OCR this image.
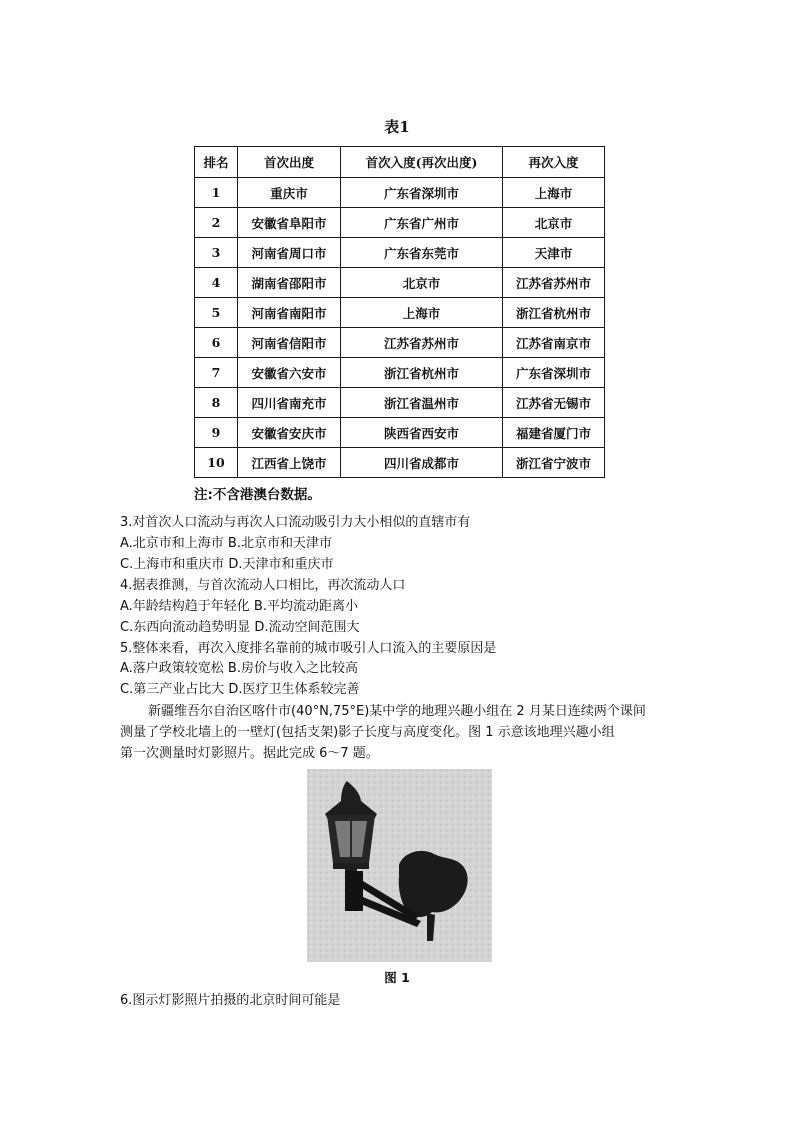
表1
排名	首次出度	首次入度(再次出度)	再次入度
1	重庆市	广东省深圳市	上海市
2	安徽省阜阳市	广东省广州市	北京市
3	河南省周口市	广东省东莞市	天津市
4	湖南省邵阳市	北京市	江苏省苏州市
5	河南省南阳市	上海市	浙江省杭州市
6	河南省信阳市	江苏省苏州市	江苏省南京市
7	安徽省六安市	浙江省杭州市	广东省深圳市
8	四川省南充市	浙江省温州市	江苏省无锡市
9	安徽省安庆市	陕西省西安市	福建省厦门市
10	江西省上饶市	四川省成都市	浙江省宁波市
注:不含港澳台数据。
3.对首次人口流动与再次人口流动吸引力大小相似的直辖市有
A.北京市和上海市 B.北京市和天津市
C.上海市和重庆市 D.天津市和重庆市
4.据表推测，与首次流动人口相比，再次流动人口
A.年龄结构趋于年轻化 B.平均流动距离小
C.东西向流动趋势明显 D.流动空间范围大
5.整体来看，再次入度排名靠前的城市吸引人口流入的主要原因是
A.落户政策较宽松 B.房价与收入之比较高
C.第三产业占比大 D.医疗卫生体系较完善
新疆维吾尔自治区喀什市(40°N,75°E)某中学的地理兴趣小组在 2 月某日连续两个课间
测量了学校北墙上的一壁灯(包括支架)影子长度与高度变化。图 1 示意该地理兴趣小组
第一次测量时灯影照片。据此完成 6～7 题。
图 1
6.图示灯影照片拍摄的北京时间可能是
